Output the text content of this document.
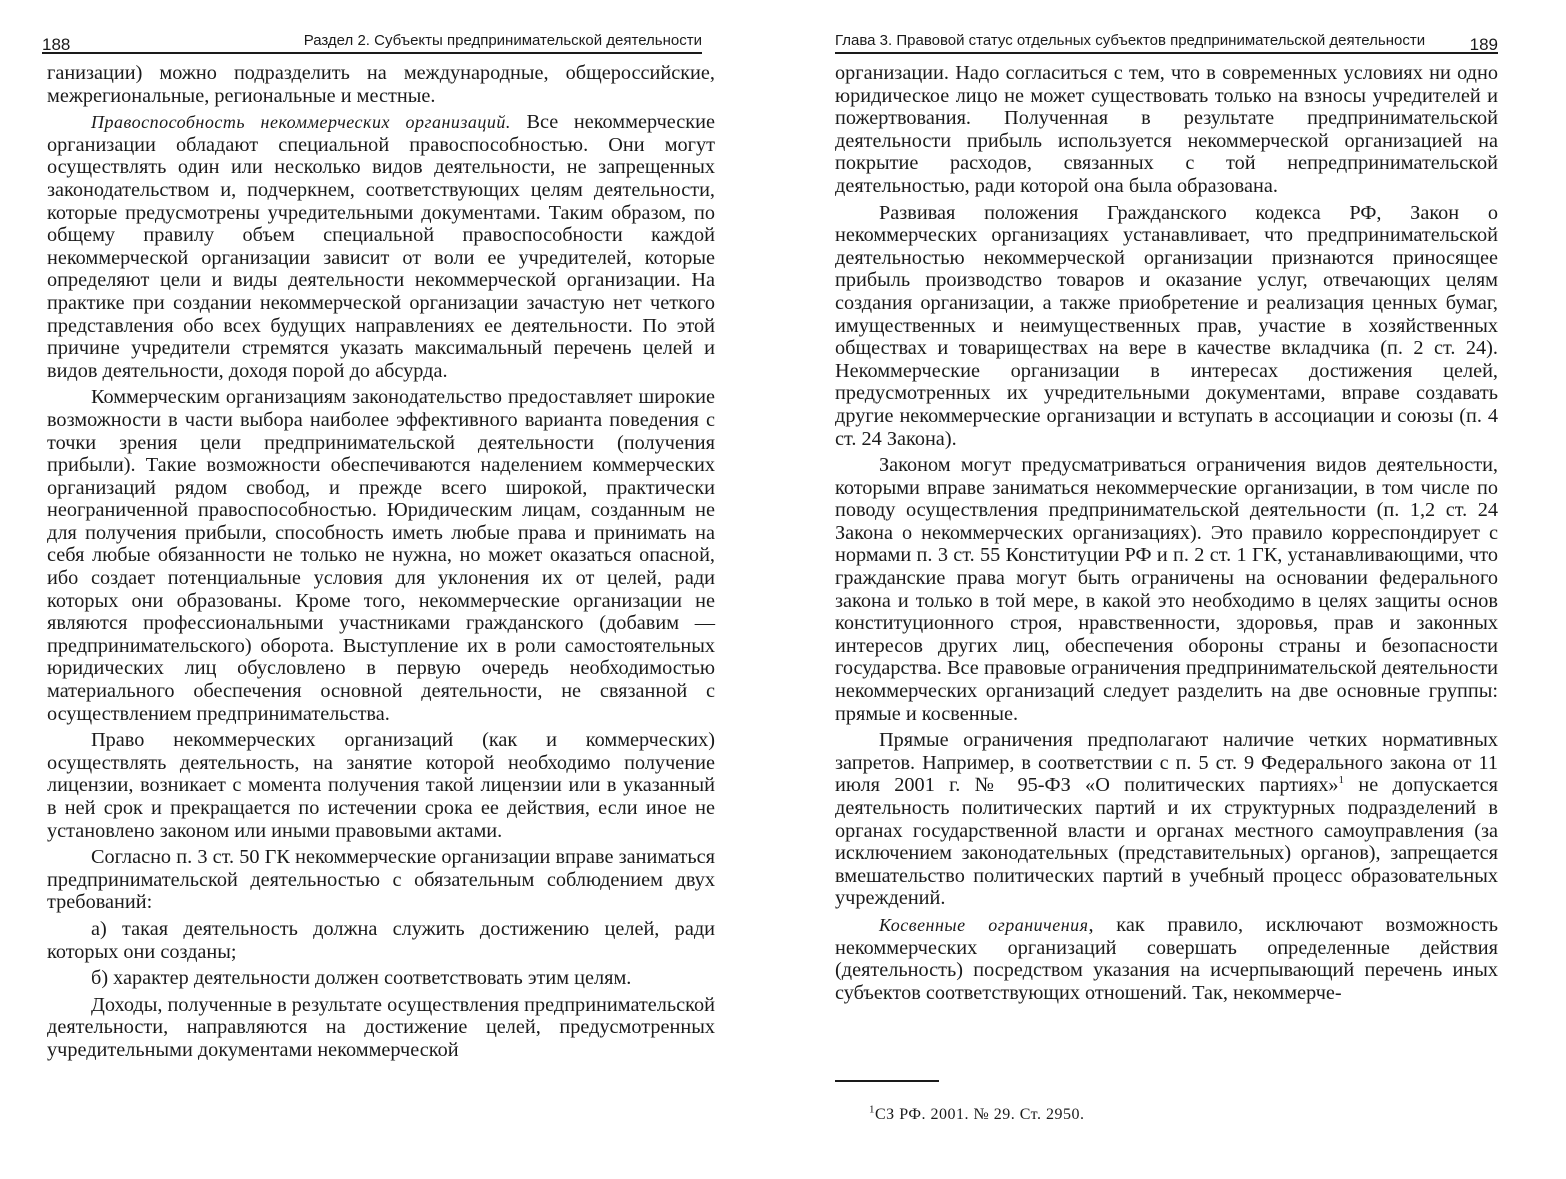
188	Раздел 2. Субъекты предпринимательской деятельности

ганизации) можно подразделить на международные, общероссийские, межрегиональные, региональные и местные.

Правоспособность некоммерческих организаций. Все некоммерческие организации обладают специальной правоспособностью. Они могут осуществлять один или несколько видов деятельности, не запрещенных законодательством и, подчеркнем, соответствующих целям деятельности, которые предусмотрены учредительными документами. Таким образом, по общему правилу объем специальной правоспособности каждой некоммерческой организации зависит от воли ее учредителей, которые определяют цели и виды деятельности некоммерческой организации. На практике при создании некоммерческой организации зачастую нет четкого представления обо всех будущих направлениях ее деятельности. По этой причине учредители стремятся указать максимальный перечень целей и видов деятельности, доходя порой до абсурда.

Коммерческим организациям законодательство предоставляет широкие возможности в части выбора наиболее эффективного варианта поведения с точки зрения цели предпринимательской деятельности (получения прибыли). Такие возможности обеспечиваются наделением коммерческих организаций рядом свобод, и прежде всего широкой, практически неограниченной правоспособностью. Юридическим лицам, созданным не для получения прибыли, способность иметь любые права и принимать на себя любые обязанности не только не нужна, но может оказаться опасной, ибо создает потенциальные условия для уклонения их от целей, ради которых они образованы. Кроме того, некоммерческие организации не являются профессиональными участниками гражданского (добавим — предпринимательского) оборота. Выступление их в роли самостоятельных юридических лиц обусловлено в первую очередь необходимостью материального обеспечения основной деятельности, не связанной с осуществлением предпринимательства.

Право некоммерческих организаций (как и коммерческих) осуществлять деятельность, на занятие которой необходимо получение лицензии, возникает с момента получения такой лицензии или в указанный в ней срок и прекращается по истечении срока ее действия, если иное не установлено законом или иными правовыми актами.

Согласно п. 3 ст. 50 ГК некоммерческие организации вправе заниматься предпринимательской деятельностью с обязательным соблюдением двух требований:

а) такая деятельность должна служить достижению целей, ради которых они созданы;

б) характер деятельности должен соответствовать этим целям.

Доходы, полученные в результате осуществления предпринимательской деятельности, направляются на достижение целей, предусмотренных учредительными документами некоммерческой

Глава 3. Правовой статус отдельных субъектов предпринимательской деятельности	189

организации. Надо согласиться с тем, что в современных условиях ни одно юридическое лицо не может существовать только на взносы учредителей и пожертвования. Полученная в результате предпринимательской деятельности прибыль используется некоммерческой организацией на покрытие расходов, связанных с той непредпринимательской деятельностью, ради которой она была образована.

Развивая положения Гражданского кодекса РФ, Закон о некоммерческих организациях устанавливает, что предпринимательской деятельностью некоммерческой организации признаются приносящее прибыль производство товаров и оказание услуг, отвечающих целям создания организации, а также приобретение и реализация ценных бумаг, имущественных и неимущественных прав, участие в хозяйственных обществах и товариществах на вере в качестве вкладчика (п. 2 ст. 24). Некоммерческие организации в интересах достижения целей, предусмотренных их учредительными документами, вправе создавать другие некоммерческие организации и вступать в ассоциации и союзы (п. 4 ст. 24 Закона).

Законом могут предусматриваться ограничения видов деятельности, которыми вправе заниматься некоммерческие организации, в том числе по поводу осуществления предпринимательской деятельности (п. 1,2 ст. 24 Закона о некоммерческих организациях). Это правило корреспондирует с нормами п. 3 ст. 55 Конституции РФ и п. 2 ст. 1 ГК, устанавливающими, что гражданские права могут быть ограничены на основании федерального закона и только в той мере, в какой это необходимо в целях защиты основ конституционного строя, нравственности, здоровья, прав и законных интересов других лиц, обеспечения обороны страны и безопасности государства. Все правовые ограничения предпринимательской деятельности некоммерческих организаций следует разделить на две основные группы: прямые и косвенные.

Прямые ограничения предполагают наличие четких нормативных запретов. Например, в соответствии с п. 5 ст. 9 Федерального закона от 11 июля 2001 г. № 95-ФЗ «О политических партиях»$^1$ не допускается деятельность политических партий и их структурных подразделений в органах государственной власти и органах местного самоуправления (за исключением законодательных (представительных) органов), запрещается вмешательство политических партий в учебный процесс образовательных учреждений.

Косвенные ограничения, как правило, исключают возможность некоммерческих организаций совершать определенные действия (деятельность) посредством указания на исчерпывающий перечень иных субъектов соответствующих отношений. Так, некоммерче-

$^1$СЗ РФ. 2001. № 29. Ст. 2950.
